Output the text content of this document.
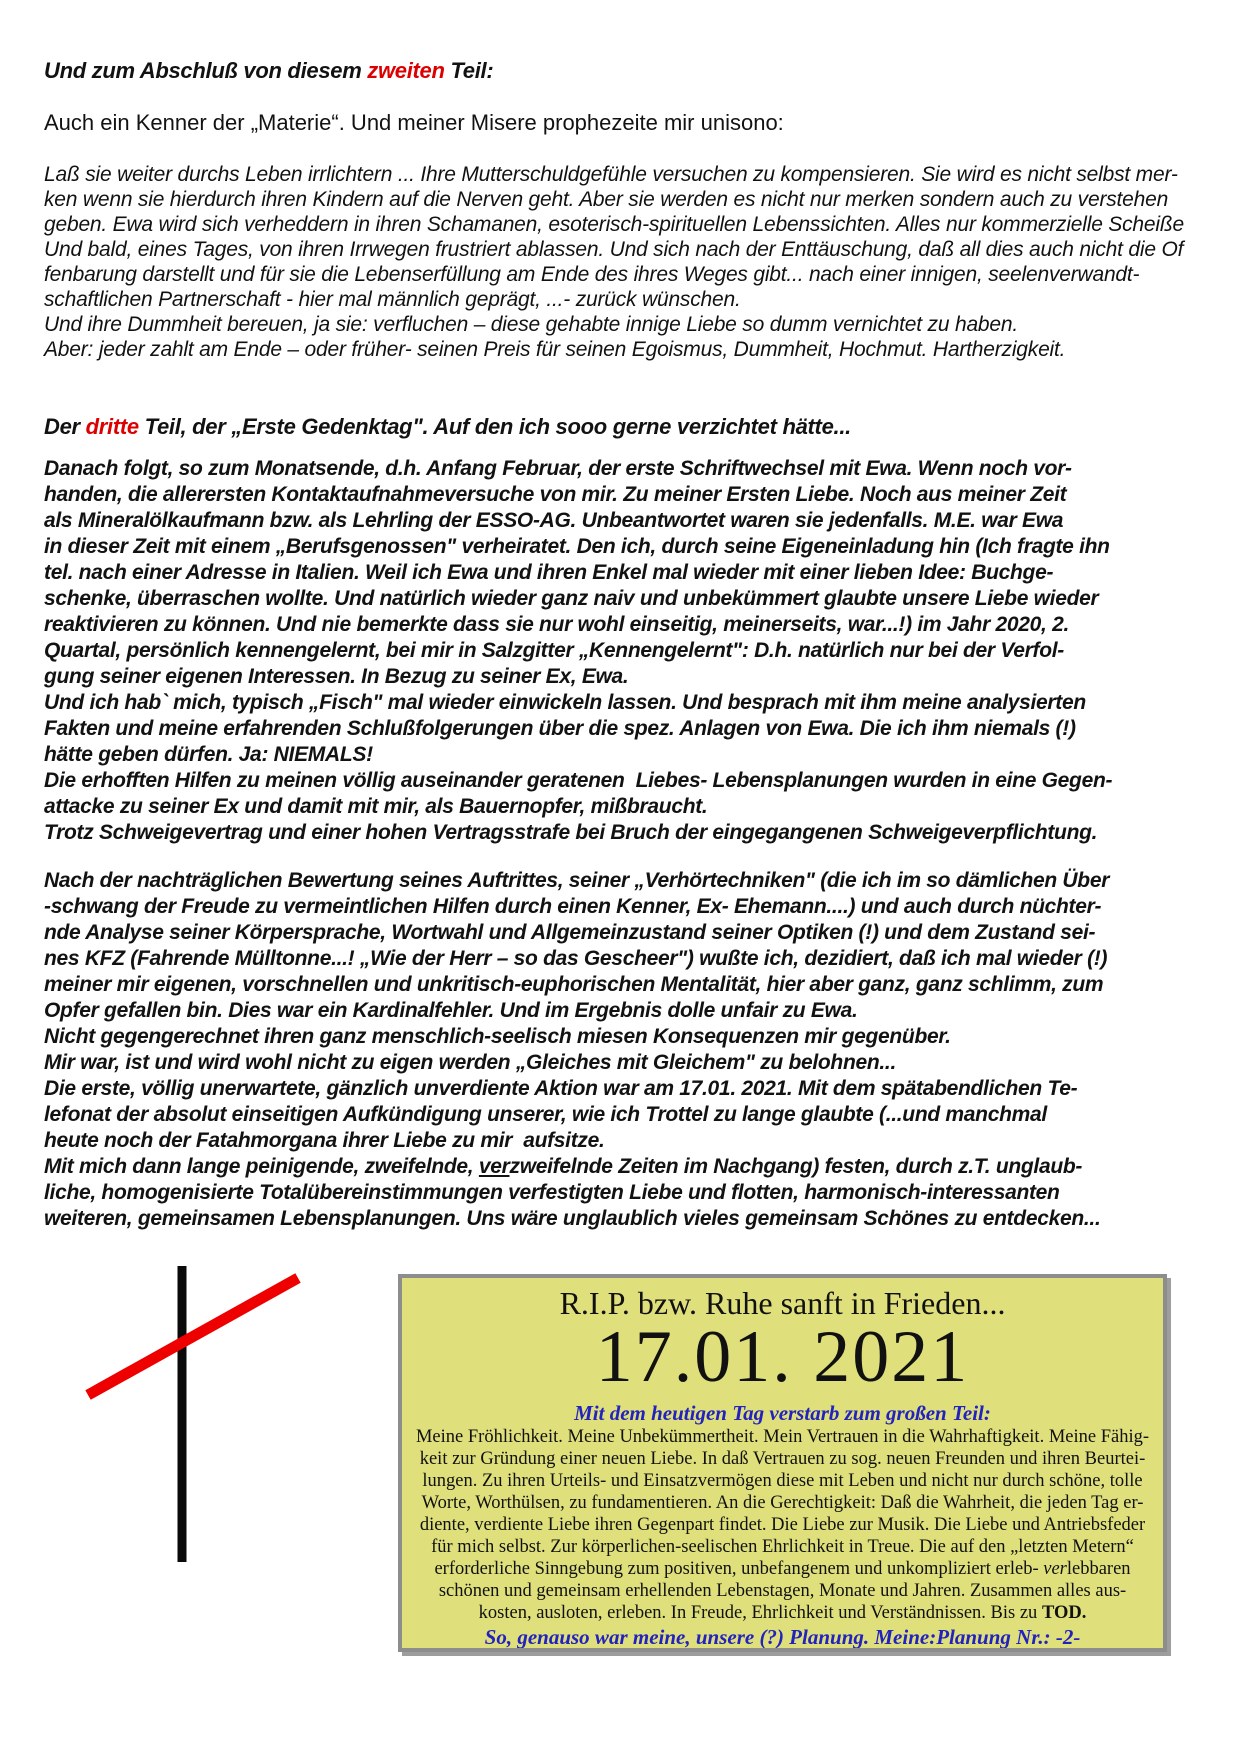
Und zum Abschluß von diesem zweiten Teil:
Auch ein Kenner der „Materie“. Und meiner Misere prophezeite mir unisono:
Laß sie weiter durchs Leben irrlichtern ... Ihre Mutterschuldgefühle versuchen zu kompensieren. Sie wird es nicht selbst mer-
ken wenn sie hierdurch ihren Kindern auf die Nerven geht. Aber sie werden es nicht nur merken sondern auch zu verstehen
geben. Ewa wird sich verheddern in ihren Schamanen, esoterisch-spirituellen Lebenssichten. Alles nur kommerzielle Scheiße
Und bald, eines Tages, von ihren Irrwegen frustriert ablassen. Und sich nach der Enttäuschung, daß all dies auch nicht die Of
fenbarung darstellt und für sie die Lebenserfüllung am Ende des ihres Weges gibt... nach einer innigen, seelenverwandt-
schaftlichen Partnerschaft - hier mal männlich geprägt, ...- zurück wünschen.
Und ihre Dummheit bereuen, ja sie: verfluchen – diese gehabte innige Liebe so dumm vernichtet zu haben.
Aber: jeder zahlt am Ende – oder früher- seinen Preis für seinen Egoismus, Dummheit, Hochmut. Hartherzigkeit.
Der dritte Teil, der „Erste Gedenktag". Auf den ich sooo gerne verzichtet hätte...
Danach folgt, so zum Monatsende, d.h. Anfang Februar, der erste Schriftwechsel mit Ewa. Wenn noch vor-
handen, die allerersten Kontaktaufnahmeversuche von mir. Zu meiner Ersten Liebe. Noch aus meiner Zeit
als Mineralölkaufmann bzw. als Lehrling der ESSO-AG. Unbeantwortet waren sie jedenfalls. M.E. war Ewa
in dieser Zeit mit einem „Berufsgenossen" verheiratet. Den ich, durch seine Eigeneinladung hin (Ich fragte ihn
tel. nach einer Adresse in Italien. Weil ich Ewa und ihren Enkel mal wieder mit einer lieben Idee: Buchge-
schenke, überraschen wollte. Und natürlich wieder ganz naiv und unbekümmert glaubte unsere Liebe wieder
reaktivieren zu können. Und nie bemerkte dass sie nur wohl einseitig, meinerseits, war...!) im Jahr 2020, 2.
Quartal, persönlich kennengelernt, bei mir in Salzgitter „Kennengelernt": D.h. natürlich nur bei der Verfol-
gung seiner eigenen Interessen. In Bezug zu seiner Ex, Ewa.
Und ich hab` mich, typisch „Fisch" mal wieder einwickeln lassen. Und besprach mit ihm meine analysierten
Fakten und meine erfahrenden Schlußfolgerungen über die spez. Anlagen von Ewa. Die ich ihm niemals (!)
hätte geben dürfen. Ja: NIEMALS!
Die erhofften Hilfen zu meinen völlig auseinander geratenen  Liebes- Lebensplanungen wurden in eine Gegen-
attacke zu seiner Ex und damit mit mir, als Bauernopfer, mißbraucht.
Trotz Schweigevertrag und einer hohen Vertragsstrafe bei Bruch der eingegangenen Schweigeverpflichtung.
Nach der nachträglichen Bewertung seines Auftrittes, seiner „Verhörtechniken" (die ich im so dämlichen Über
-schwang der Freude zu vermeintlichen Hilfen durch einen Kenner, Ex- Ehemann....) und auch durch nüchter-
nde Analyse seiner Körpersprache, Wortwahl und Allgemeinzustand seiner Optiken (!) und dem Zustand sei-
nes KFZ (Fahrende Mülltonne...! „Wie der Herr – so das Gescheer") wußte ich, dezidiert, daß ich mal wieder (!)
meiner mir eigenen, vorschnellen und unkritisch-euphorischen Mentalität, hier aber ganz, ganz schlimm, zum
Opfer gefallen bin. Dies war ein Kardinalfehler. Und im Ergebnis dolle unfair zu Ewa.
Nicht gegengerechnet ihren ganz menschlich-seelisch miesen Konsequenzen mir gegenüber.
Mir war, ist und wird wohl nicht zu eigen werden „Gleiches mit Gleichem" zu belohnen...
Die erste, völlig unerwartete, gänzlich unverdiente Aktion war am 17.01. 2021. Mit dem spätabendlichen Te-
lefonat der absolut einseitigen Aufkündigung unserer, wie ich Trottel zu lange glaubte (...und manchmal
heute noch der Fatahmorgana ihrer Liebe zu mir  aufsitze.
Mit mich dann lange peinigende, zweifelnde, verzweifelnde Zeiten im Nachgang) festen, durch z.T. unglaub-
liche, homogenisierte Totalübereinstimmungen verfestigten Liebe und flotten, harmonisch-interessanten
weiteren, gemeinsamen Lebensplanungen. Uns wäre unglaublich vieles gemeinsam Schönes zu entdecken...
R.I.P. bzw. Ruhe sanft in Frieden...
17.01. 2021
Mit dem heutigen Tag verstarb zum großen Teil:
Meine Fröhlichkeit. Meine Unbekümmertheit. Mein Vertrauen in die Wahrhaftigkeit. Meine Fähig-
keit zur Gründung einer neuen Liebe. In daß Vertrauen zu sog. neuen Freunden und ihren Beurtei-
lungen. Zu ihren Urteils- und Einsatzvermögen diese mit Leben und nicht nur durch schöne, tolle
Worte, Worthülsen, zu fundamentieren. An die Gerechtigkeit: Daß die Wahrheit, die jeden Tag er-
diente, verdiente Liebe ihren Gegenpart findet. Die Liebe zur Musik. Die Liebe und Antriebsfeder
für mich selbst. Zur körperlichen-seelischen Ehrlichkeit in Treue. Die auf den „letzten Metern“
erforderliche Sinngebung zum positiven, unbefangenem und unkompliziert erleb- verlebbaren
schönen und gemeinsam erhellenden Lebenstagen, Monate und Jahren. Zusammen alles aus-
kosten, ausloten, erleben. In Freude, Ehrlichkeit und Verständnissen. Bis zu TOD.
So, genauso war meine, unsere (?) Planung. Meine:Planung Nr.: -2-
